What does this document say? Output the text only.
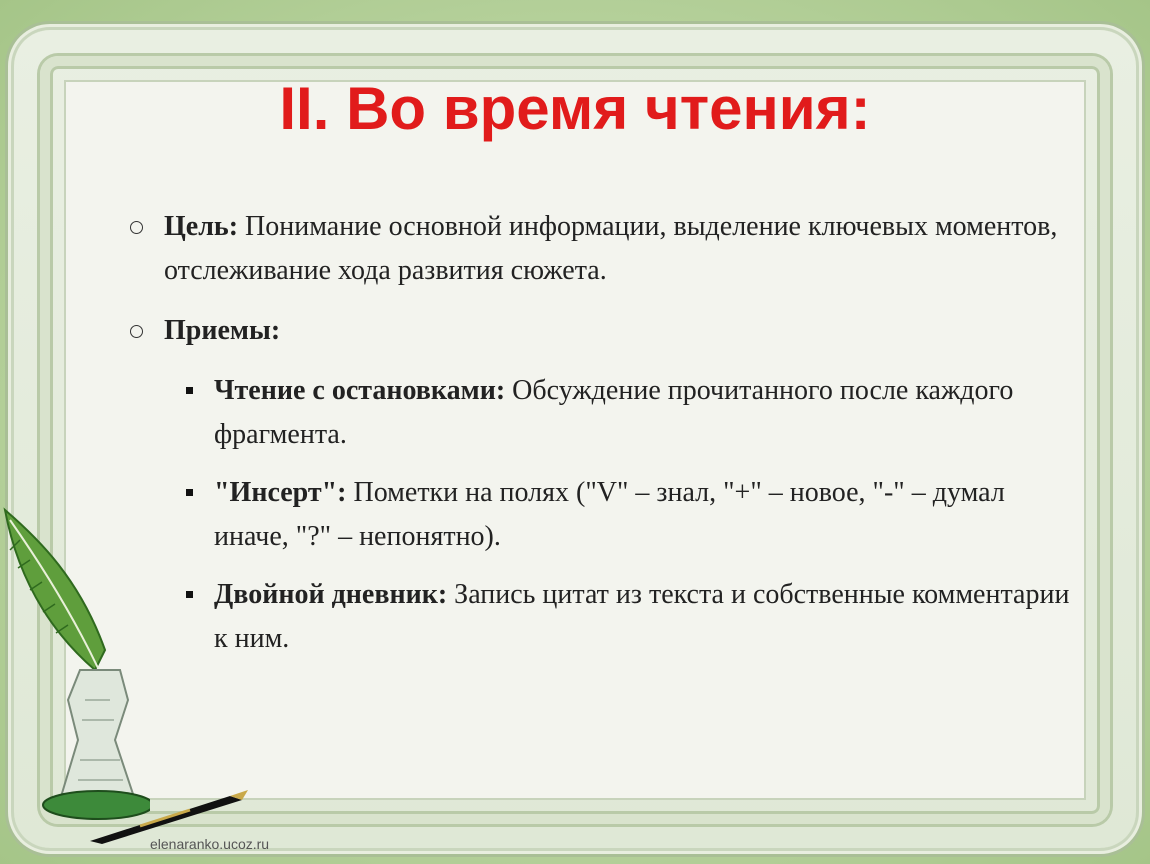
II. Во время чтения:
Цель: Понимание основной информации, выделение ключевых моментов, отслеживание хода развития сюжета.
Приемы:
Чтение с остановками: Обсуждение прочитанного после каждого фрагмента.
"Инсерт": Пометки на полях ("V" – знал, "+" – новое, "-" – думал иначе, "?" – непонятно).
Двойной дневник: Запись цитат из текста и собственные комментарии к ним.
elenaranko.ucoz.ru
